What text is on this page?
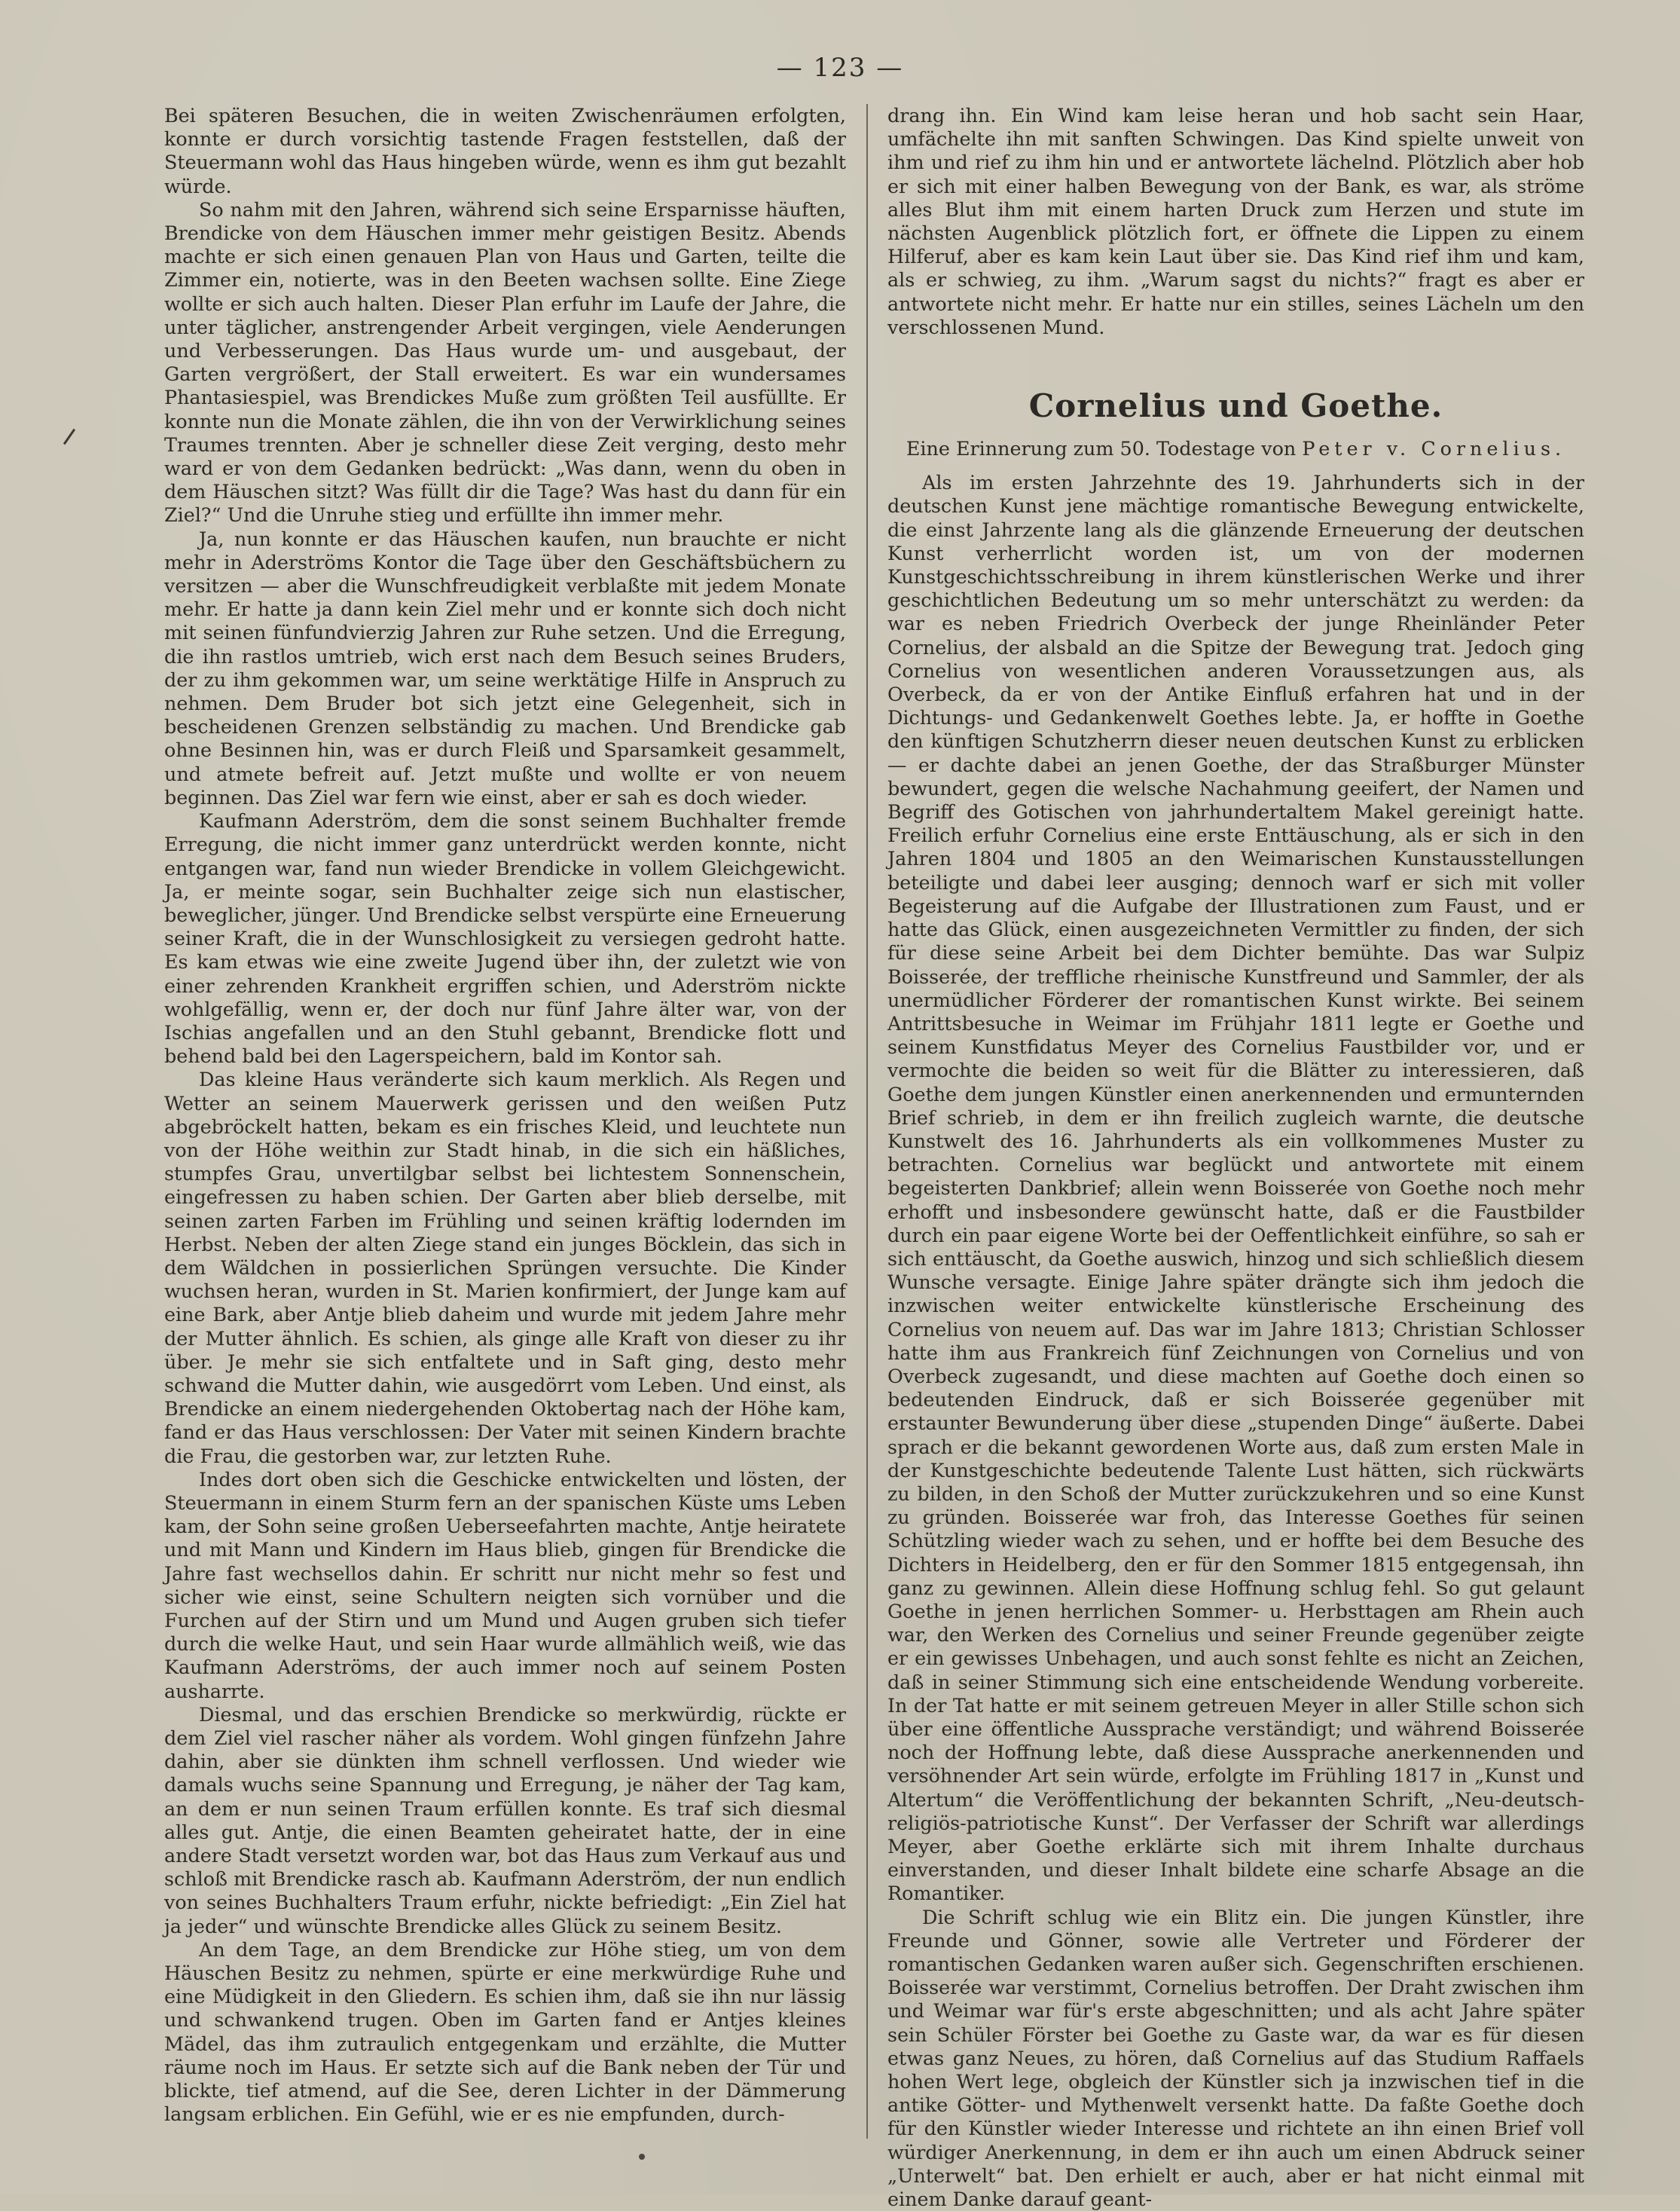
— 123 —

Bei späteren Besuchen, die in weiten Zwischenräumen erfolgten, konnte er durch vorsichtig tastende Fragen feststellen, daß der Steuermann wohl das Haus hingeben würde, wenn es ihm gut bezahlt würde.

So nahm mit den Jahren, während sich seine Ersparnisse häuften, Brendicke von dem Häuschen immer mehr geistigen Besitz. Abends machte er sich einen genauen Plan von Haus und Garten, teilte die Zimmer ein, notierte, was in den Beeten wachsen sollte. Eine Ziege wollte er sich auch halten. Dieser Plan erfuhr im Laufe der Jahre, die unter täglicher, anstrengender Arbeit vergingen, viele Aenderungen und Verbesserungen. Das Haus wurde um- und ausgebaut, der Garten vergrößert, der Stall erweitert. Es war ein wundersames Phantasiespiel, was Brendickes Muße zum größten Teil ausfüllte. Er konnte nun die Monate zählen, die ihn von der Verwirklichung seines Traumes trennten. Aber je schneller diese Zeit verging, desto mehr ward er von dem Gedanken bedrückt: „Was dann, wenn du oben in dem Häuschen sitzt? Was füllt dir die Tage? Was hast du dann für ein Ziel?“ Und die Unruhe stieg und erfüllte ihn immer mehr.

Ja, nun konnte er das Häuschen kaufen, nun brauchte er nicht mehr in Aderströms Kontor die Tage über den Geschäftsbüchern zu versitzen — aber die Wunschfreudigkeit verblaßte mit jedem Monate mehr. Er hatte ja dann kein Ziel mehr und er konnte sich doch nicht mit seinen fünfundvierzig Jahren zur Ruhe setzen. Und die Erregung, die ihn rastlos umtrieb, wich erst nach dem Besuch seines Bruders, der zu ihm gekommen war, um seine werktätige Hilfe in Anspruch zu nehmen. Dem Bruder bot sich jetzt eine Gelegenheit, sich in bescheidenen Grenzen selbständig zu machen. Und Brendicke gab ohne Besinnen hin, was er durch Fleiß und Sparsamkeit gesammelt, und atmete befreit auf. Jetzt mußte und wollte er von neuem beginnen. Das Ziel war fern wie einst, aber er sah es doch wieder.

Kaufmann Aderström, dem die sonst seinem Buchhalter fremde Erregung, die nicht immer ganz unterdrückt werden konnte, nicht entgangen war, fand nun wieder Brendicke in vollem Gleichgewicht. Ja, er meinte sogar, sein Buchhalter zeige sich nun elastischer, beweglicher, jünger. Und Brendicke selbst verspürte eine Erneuerung seiner Kraft, die in der Wunschlosigkeit zu versiegen gedroht hatte. Es kam etwas wie eine zweite Jugend über ihn, der zuletzt wie von einer zehrenden Krankheit ergriffen schien, und Aderström nickte wohlgefällig, wenn er, der doch nur fünf Jahre älter war, von der Ischias angefallen und an den Stuhl gebannt, Brendicke flott und behend bald bei den Lagerspeichern, bald im Kontor sah.

Das kleine Haus veränderte sich kaum merklich. Als Regen und Wetter an seinem Mauerwerk gerissen und den weißen Putz abgebröckelt hatten, bekam es ein frisches Kleid, und leuchtete nun von der Höhe weithin zur Stadt hinab, in die sich ein häßliches, stumpfes Grau, unvertilgbar selbst bei lichtestem Sonnenschein, eingefressen zu haben schien. Der Garten aber blieb derselbe, mit seinen zarten Farben im Frühling und seinen kräftig lodernden im Herbst. Neben der alten Ziege stand ein junges Böcklein, das sich in dem Wäldchen in possierlichen Sprüngen versuchte. Die Kinder wuchsen heran, wurden in St. Marien konfirmiert, der Junge kam auf eine Bark, aber Antje blieb daheim und wurde mit jedem Jahre mehr der Mutter ähnlich. Es schien, als ginge alle Kraft von dieser zu ihr über. Je mehr sie sich entfaltete und in Saft ging, desto mehr schwand die Mutter dahin, wie ausgedörrt vom Leben. Und einst, als Brendicke an einem niedergehenden Oktobertag nach der Höhe kam, fand er das Haus verschlossen: Der Vater mit seinen Kindern brachte die Frau, die gestorben war, zur letzten Ruhe.

Indes dort oben sich die Geschicke entwickelten und lösten, der Steuermann in einem Sturm fern an der spanischen Küste ums Leben kam, der Sohn seine großen Ueberseefahrten machte, Antje heiratete und mit Mann und Kindern im Haus blieb, gingen für Brendicke die Jahre fast wechsellos dahin. Er schritt nur nicht mehr so fest und sicher wie einst, seine Schultern neigten sich vornüber und die Furchen auf der Stirn und um Mund und Augen gruben sich tiefer durch die welke Haut, und sein Haar wurde allmählich weiß, wie das Kaufmann Aderströms, der auch immer noch auf seinem Posten ausharrte.

Diesmal, und das erschien Brendicke so merkwürdig, rückte er dem Ziel viel rascher näher als vordem. Wohl gingen fünfzehn Jahre dahin, aber sie dünkten ihm schnell verflossen. Und wieder wie damals wuchs seine Spannung und Erregung, je näher der Tag kam, an dem er nun seinen Traum erfüllen konnte. Es traf sich diesmal alles gut. Antje, die einen Beamten geheiratet hatte, der in eine andere Stadt versetzt worden war, bot das Haus zum Verkauf aus und schloß mit Brendicke rasch ab. Kaufmann Aderström, der nun endlich von seines Buchhalters Traum erfuhr, nickte befriedigt: „Ein Ziel hat ja jeder“ und wünschte Brendicke alles Glück zu seinem Besitz.

An dem Tage, an dem Brendicke zur Höhe stieg, um von dem Häuschen Besitz zu nehmen, spürte er eine merkwürdige Ruhe und eine Müdigkeit in den Gliedern. Es schien ihm, daß sie ihn nur lässig und schwankend trugen. Oben im Garten fand er Antjes kleines Mädel, das ihm zutraulich entgegenkam und erzählte, die Mutter räume noch im Haus. Er setzte sich auf die Bank neben der Tür und blickte, tief atmend, auf die See, deren Lichter in der Dämmerung langsam erblichen. Ein Gefühl, wie er es nie empfunden, durch-

drang ihn. Ein Wind kam leise heran und hob sacht sein Haar, umfächelte ihn mit sanften Schwingen. Das Kind spielte unweit von ihm und rief zu ihm hin und er antwortete lächelnd. Plötzlich aber hob er sich mit einer halben Bewegung von der Bank, es war, als ströme alles Blut ihm mit einem harten Druck zum Herzen und stute im nächsten Augenblick plötzlich fort, er öffnete die Lippen zu einem Hilferuf, aber es kam kein Laut über sie. Das Kind rief ihm und kam, als er schwieg, zu ihm. „Warum sagst du nichts?“ fragt es aber er antwortete nicht mehr. Er hatte nur ein stilles, seines Lächeln um den verschlossenen Mund.

Cornelius und Goethe.
Eine Erinnerung zum 50. Todestage von Peter v. Cornelius.

Als im ersten Jahrzehnte des 19. Jahrhunderts sich in der deutschen Kunst jene mächtige romantische Bewegung entwickelte, die einst Jahrzente lang als die glänzende Erneuerung der deutschen Kunst verherrlicht worden ist, um von der modernen Kunstgeschichtsschreibung in ihrem künstlerischen Werke und ihrer geschichtlichen Bedeutung um so mehr unterschätzt zu werden: da war es neben Friedrich Overbeck der junge Rheinländer Peter Cornelius, der alsbald an die Spitze der Bewegung trat. Jedoch ging Cornelius von wesentlichen anderen Voraussetzungen aus, als Overbeck, da er von der Antike Einfluß erfahren hat und in der Dichtungs- und Gedankenwelt Goethes lebte. Ja, er hoffte in Goethe den künftigen Schutzherrn dieser neuen deutschen Kunst zu erblicken — er dachte dabei an jenen Goethe, der das Straßburger Münster bewundert, gegen die welsche Nachahmung geeifert, der Namen und Begriff des Gotischen von jahrhundertaltem Makel gereinigt hatte. Freilich erfuhr Cornelius eine erste Enttäuschung, als er sich in den Jahren 1804 und 1805 an den Weimarischen Kunstausstellungen beteiligte und dabei leer ausging; dennoch warf er sich mit voller Begeisterung auf die Aufgabe der Illustrationen zum Faust, und er hatte das Glück, einen ausgezeichneten Vermittler zu finden, der sich für diese seine Arbeit bei dem Dichter bemühte. Das war Sulpiz Boisserée, der treffliche rheinische Kunstfreund und Sammler, der als unermüdlicher Förderer der romantischen Kunst wirkte. Bei seinem Antrittsbesuche in Weimar im Frühjahr 1811 legte er Goethe und seinem Kunstfidatus Meyer des Cornelius Faustbilder vor, und er vermochte die beiden so weit für die Blätter zu interessieren, daß Goethe dem jungen Künstler einen anerkennenden und ermunternden Brief schrieb, in dem er ihn freilich zugleich warnte, die deutsche Kunstwelt des 16. Jahrhunderts als ein vollkommenes Muster zu betrachten. Cornelius war beglückt und antwortete mit einem begeisterten Dankbrief; allein wenn Boisserée von Goethe noch mehr erhofft und insbesondere gewünscht hatte, daß er die Faustbilder durch ein paar eigene Worte bei der Oeffentlichkeit einführe, so sah er sich enttäuscht, da Goethe auswich, hinzog und sich schließlich diesem Wunsche versagte. Einige Jahre später drängte sich ihm jedoch die inzwischen weiter entwickelte künstlerische Erscheinung des Cornelius von neuem auf. Das war im Jahre 1813; Christian Schlosser hatte ihm aus Frankreich fünf Zeichnungen von Cornelius und von Overbeck zugesandt, und diese machten auf Goethe doch einen so bedeutenden Eindruck, daß er sich Boisserée gegenüber mit erstaunter Bewunderung über diese „stupenden Dinge“ äußerte. Dabei sprach er die bekannt gewordenen Worte aus, daß zum ersten Male in der Kunstgeschichte bedeutende Talente Lust hätten, sich rückwärts zu bilden, in den Schoß der Mutter zurückzukehren und so eine Kunst zu gründen. Boisserée war froh, das Interesse Goethes für seinen Schützling wieder wach zu sehen, und er hoffte bei dem Besuche des Dichters in Heidelberg, den er für den Sommer 1815 entgegensah, ihn ganz zu gewinnen. Allein diese Hoffnung schlug fehl. So gut gelaunt Goethe in jenen herrlichen Sommer- u. Herbsttagen am Rhein auch war, den Werken des Cornelius und seiner Freunde gegenüber zeigte er ein gewisses Unbehagen, und auch sonst fehlte es nicht an Zeichen, daß in seiner Stimmung sich eine entscheidende Wendung vorbereite. In der Tat hatte er mit seinem getreuen Meyer in aller Stille schon sich über eine öffentliche Aussprache verständigt; und während Boisserée noch der Hoffnung lebte, daß diese Aussprache anerkennenden und versöhnender Art sein würde, erfolgte im Frühling 1817 in „Kunst und Altertum“ die Veröffentlichung der bekannten Schrift, „Neu-deutsch-religiös-patriotische Kunst“. Der Verfasser der Schrift war allerdings Meyer, aber Goethe erklärte sich mit ihrem Inhalte durchaus einverstanden, und dieser Inhalt bildete eine scharfe Absage an die Romantiker.

Die Schrift schlug wie ein Blitz ein. Die jungen Künstler, ihre Freunde und Gönner, sowie alle Vertreter und Förderer der romantischen Gedanken waren außer sich. Gegenschriften erschienen. Boisserée war verstimmt, Cornelius betroffen. Der Draht zwischen ihm und Weimar war für's erste abgeschnitten; und als acht Jahre später sein Schüler Förster bei Goethe zu Gaste war, da war es für diesen etwas ganz Neues, zu hören, daß Cornelius auf das Studium Raffaels hohen Wert lege, obgleich der Künstler sich ja inzwischen tief in die antike Götter- und Mythenwelt versenkt hatte. Da faßte Goethe doch für den Künstler wieder Interesse und richtete an ihn einen Brief voll würdiger Anerkennung, in dem er ihn auch um einen Abdruck seiner „Unterwelt“ bat. Den erhielt er auch, aber er hat nicht einmal mit einem Danke darauf geant-
